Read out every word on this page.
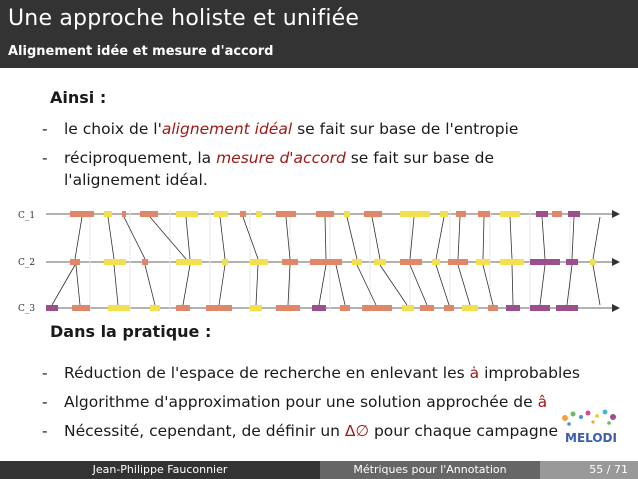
Une approche holiste et unifiée
Alignement idée et mesure d'accord
Ainsi :
- le choix de l'alignement idéal se fait sur base de l'entropie
- réciproquement, la mesure d'accord se fait sur base de
l'alignement idéal.
C_1
C_2
C_3
Dans la pratique :
- Réduction de l'espace de recherche en enlevant les ȧ improbables
- Algorithme d'approximation pour une solution approchée de â
- Nécessité, cependant, de définir un Δ∅ pour chaque campagne MELODI
Jean-Philippe Fauconnier	Métriques pour l'Annotation	55 / 71
